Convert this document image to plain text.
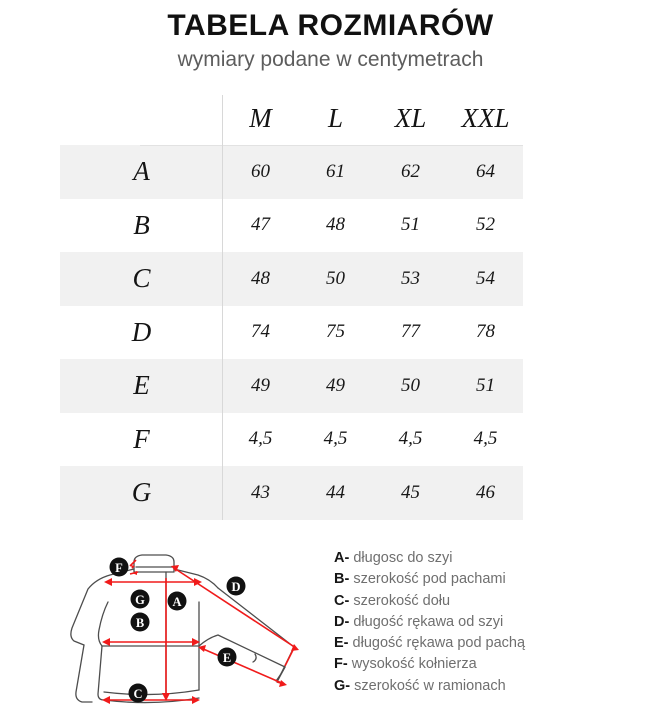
TABELA ROZMIARÓW
wymiary podane w centymetrach
	M	L	XL	XXL
A	60	61	62	64
B	47	48	51	52
C	48	50	53	54
D	74	75	77	78
E	49	49	50	51
F	4,5	4,5	4,5	4,5
G	43	44	45	46
F
G A
B
C
D
E
A- długosc do szyi
B- szerokość pod pachami
C- szerokość dołu
D- długość rękawa od szyi
E- długość rękawa pod pachą
F- wysokość kołnierza
G- szerokość w ramionach
